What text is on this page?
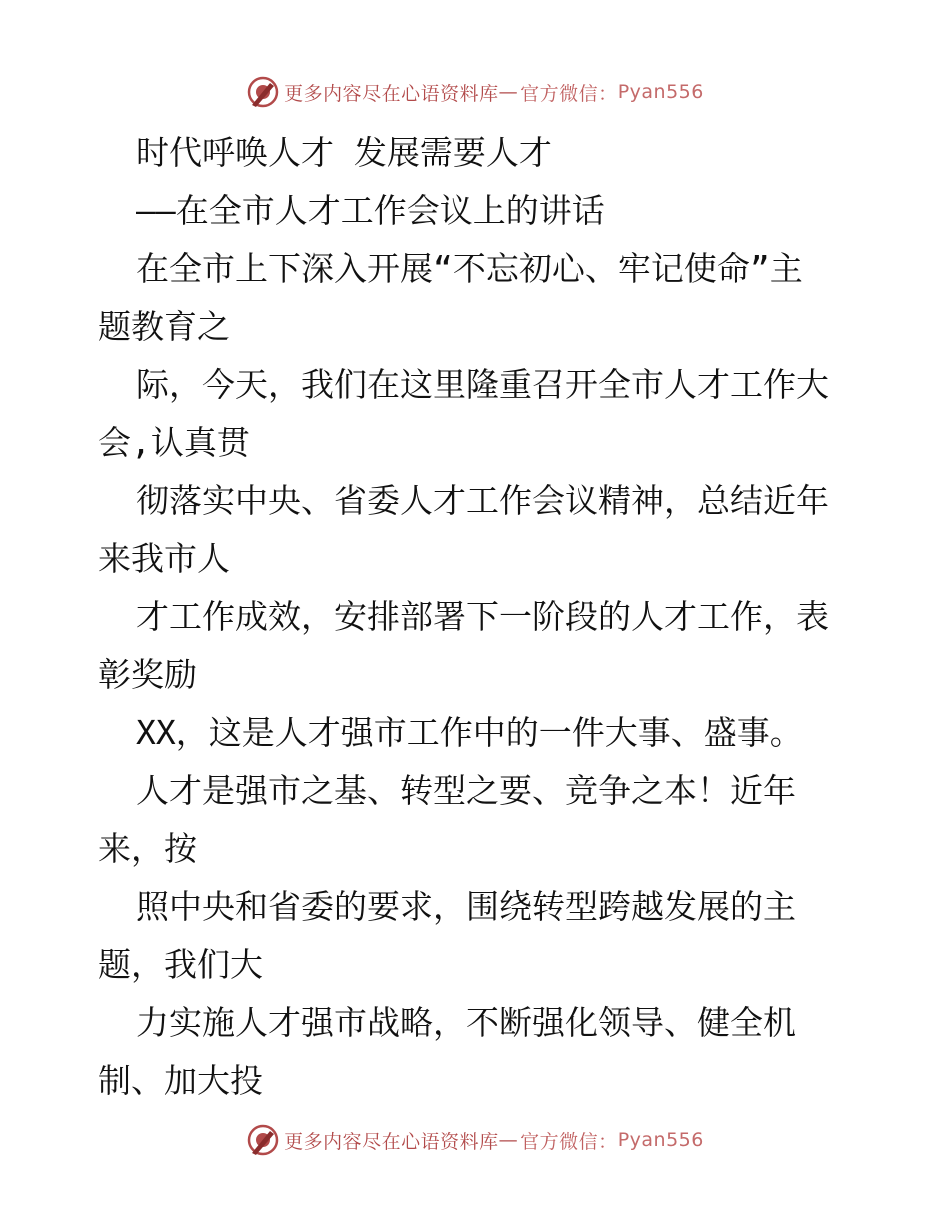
更多内容尽在心语资料库 — 官方微信： Pyan556
时代呼唤人才 发展需要人才
——在全市人才工作会议上的讲话
在全市上下深入开展“不忘初心、牢记使命”主
题教育之
际，今天，我们在这里隆重召开全市人才工作大
会,认真贯
彻落实中央、省委人才工作会议精神，总结近年
来我市人
才工作成效，安排部署下一阶段的人才工作，表
彰奖励
XX，这是人才强市工作中的一件大事、盛事。
人才是强市之基、转型之要、竞争之本！近年
来，按
照中央和省委的要求，围绕转型跨越发展的主
题，我们大
力实施人才强市战略，不断强化领导、健全机
制、加大投
更多内容尽在心语资料库 — 官方微信： Pyan556
